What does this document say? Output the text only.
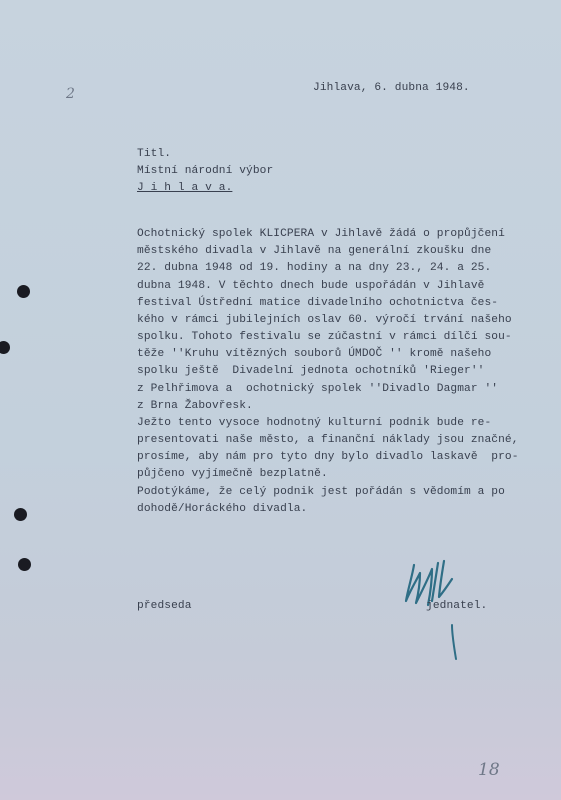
2	Jihlava, 6. dubna 1948.
Titl.
Místní národní výbor
J i h l a v a.
Ochotnický spolek KLICPERA v Jihlavě žádá o propůjčení
městského divadla v Jihlavě na generální zkoušku dne
22. dubna 1948 od 19. hodiny a na dny 23., 24. a 25.
dubna 1948. V těchto dnech bude uspořádán v Jihlavě
festival Ústřední matice divadelního ochotnictva čes-
kého v rámci jubilejních oslav 60. výročí trvání našeho
spolku. Tohoto festivalu se zúčastní v rámci dílčí sou-
těže ''Kruhu vítězných souborů ÚMDOČ '' kromě našeho
spolku ještě  Divadelní jednota ochotníků 'Rieger''
z Pelhřimova a  ochotnický spolek ''Divadlo Dagmar ''
z Brna Žabovřesk.
Ježto tento vysoce hodnotný kulturní podnik bude re-
presentovati naše město, a finanční náklady jsou značné,
prosíme, aby nám pro tyto dny bylo divadlo laskavě  pro-
půjčeno vyjímečně bezplatně.
Podotýkáme, že celý podnik jest pořádán s vědomím a po
dohodě/Horáckého divadla.
předseda	jednatel.
18
